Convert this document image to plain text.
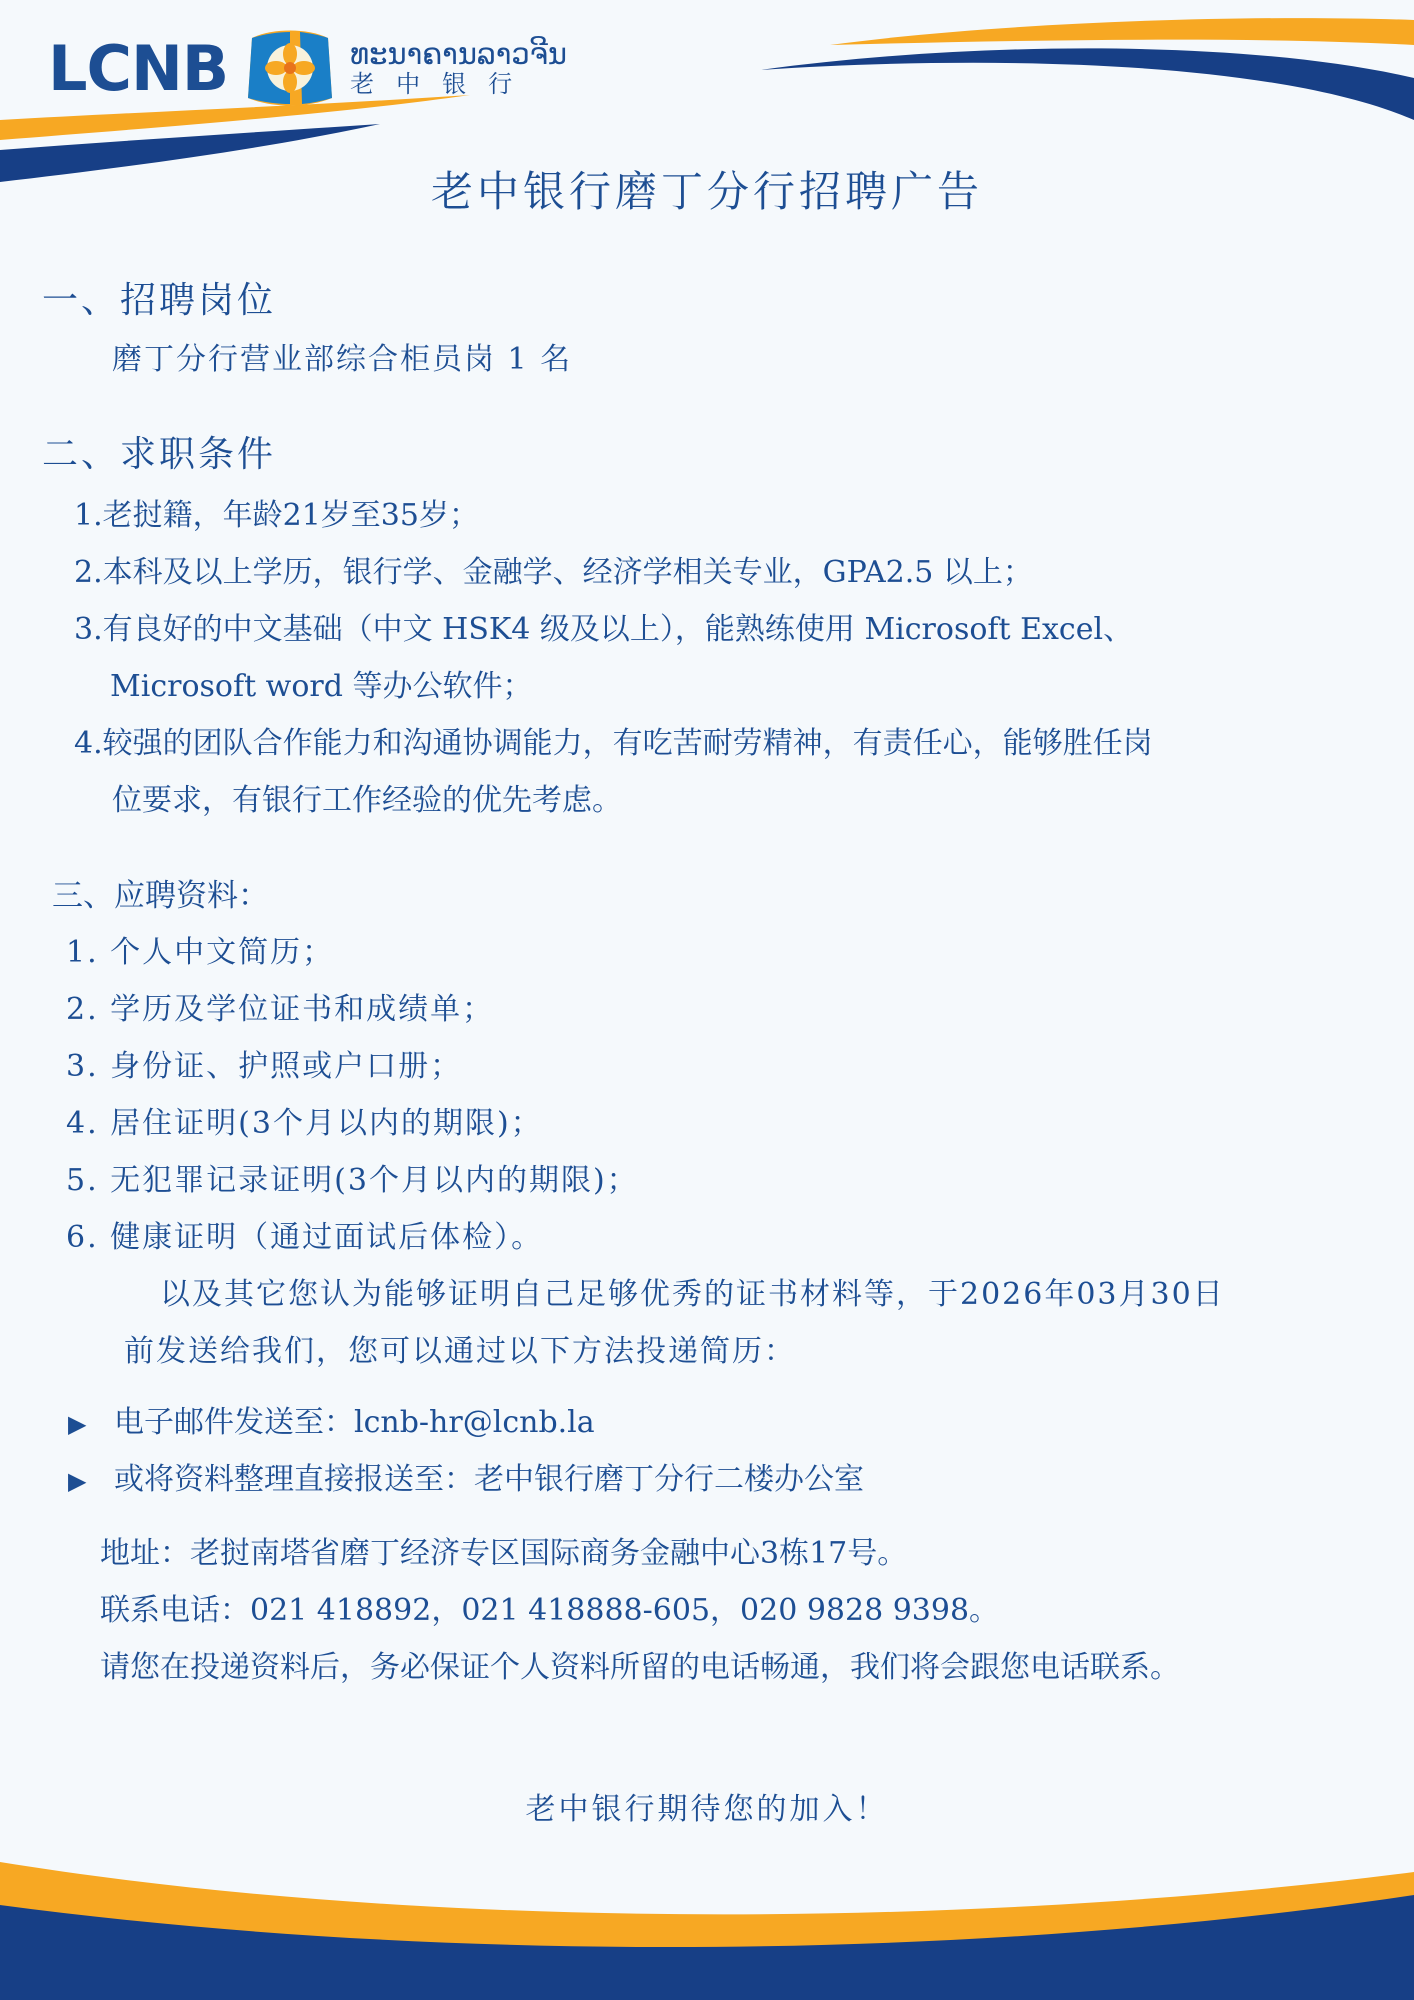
LCNB	ທະນາຄານລາວຈີນ
老中银行
老中银行磨丁分行招聘广告
一、招聘岗位

磨丁分行营业部综合柜员岗 1 名

二、求职条件

1.老挝籍，年龄21岁至35岁；

2.本科及以上学历，银行学、金融学、经济学相关专业，GPA2.5 以上；

3.有良好的中文基础（中文 HSK4 级及以上），能熟练使用 Microsoft Excel、

Microsoft word 等办公软件；

4.较强的团队合作能力和沟通协调能力，有吃苦耐劳精神，有责任心，能够胜任岗

位要求，有银行工作经验的优先考虑。

三、应聘资料：

1. 个人中文简历；

2. 学历及学位证书和成绩单；

3. 身份证、护照或户口册；

4. 居住证明(3个月以内的期限)；

5. 无犯罪记录证明(3个月以内的期限)；

6. 健康证明（通过面试后体检）。

以及其它您认为能够证明自己足够优秀的证书材料等，于2026年03月30日

前发送给我们，您可以通过以下方法投递简历：

▶ 电子邮件发送至：lcnb-hr@lcnb.la

▶ 或将资料整理直接报送至：老中银行磨丁分行二楼办公室

地址：老挝南塔省磨丁经济专区国际商务金融中心3栋17号。

联系电话：021 418892，021 418888-605，020 9828 9398。

请您在投递资料后，务必保证个人资料所留的电话畅通，我们将会跟您电话联系。

老中银行期待您的加入！
